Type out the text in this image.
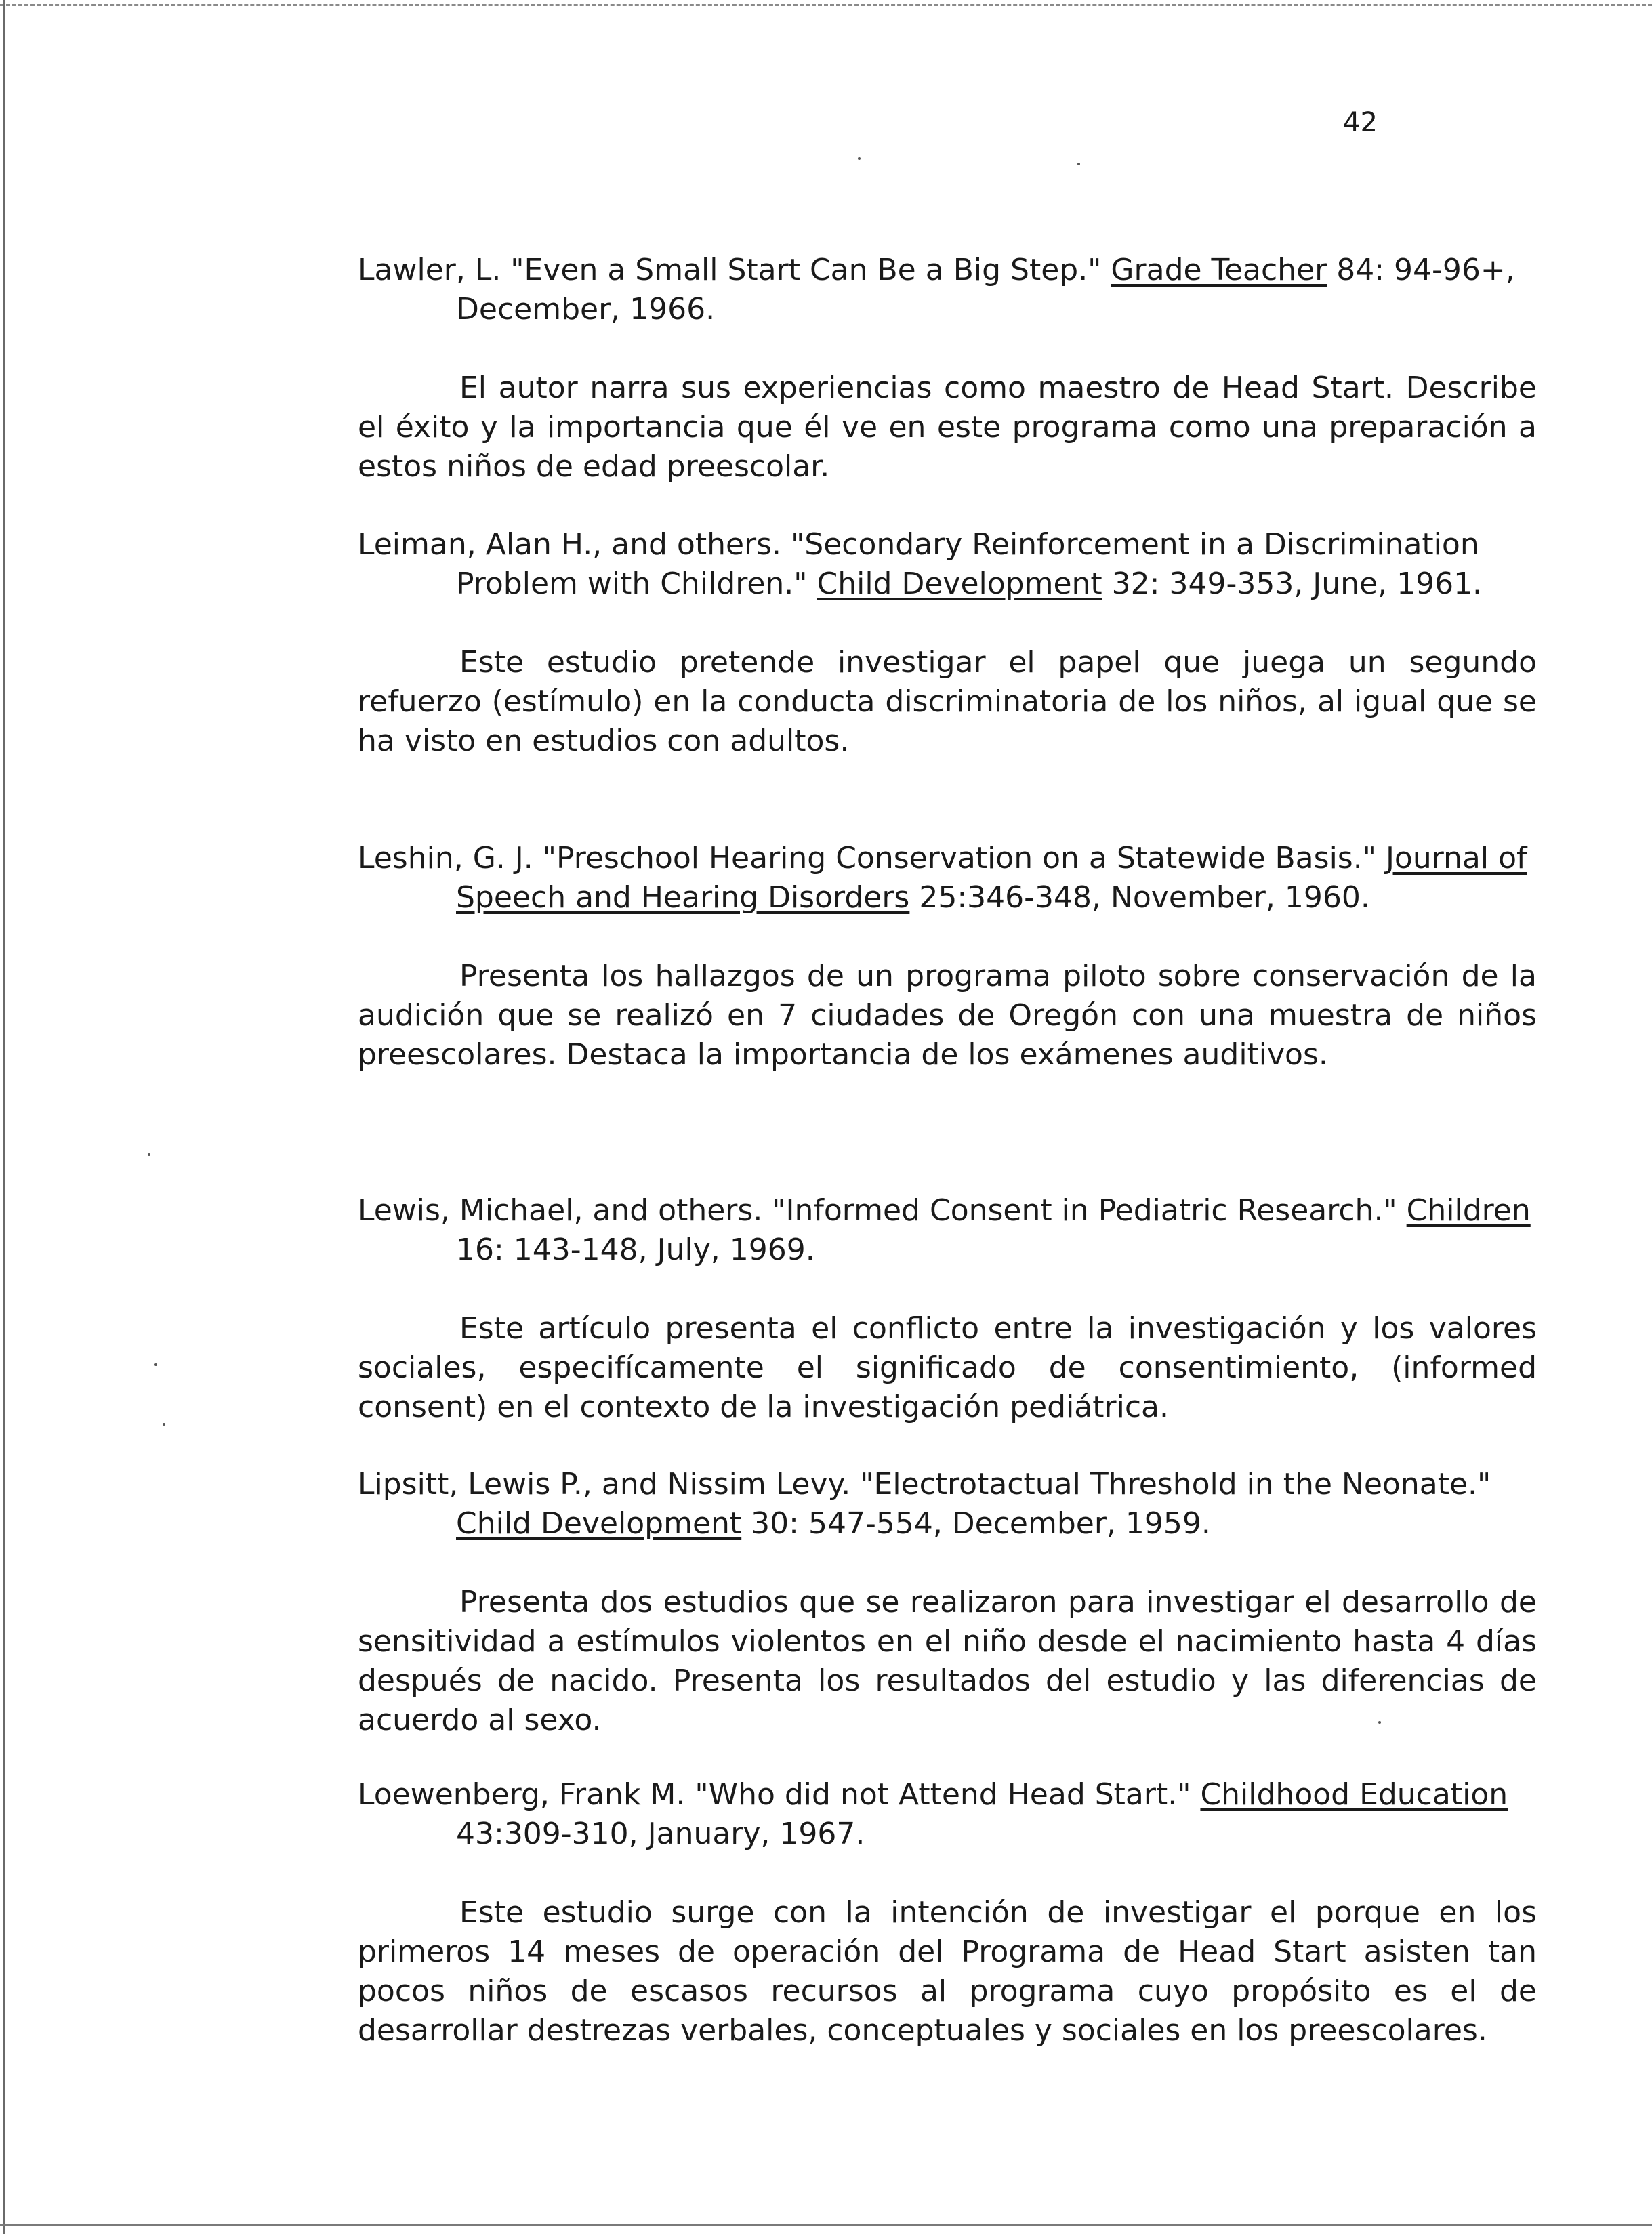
42
Lawler, L. "Even a Small Start Can Be a Big Step." Grade Teacher 84: 94-96+, December, 1966.
El autor narra sus experiencias como maestro de Head Start. Describe el éxito y la importancia que él ve en este programa como una preparación a estos niños de edad preescolar.
Leiman, Alan H., and others. "Secondary Reinforcement in a Discrimination Problem with Children." Child Development 32: 349-353, June, 1961.
Este estudio pretende investigar el papel que juega un segundo refuerzo (estímulo) en la conducta discriminatoria de los niños, al igual que se ha visto en estudios con adultos.
Leshin, G. J. "Preschool Hearing Conservation on a Statewide Basis." Journal of Speech and Hearing Disorders 25:346-348, November, 1960.
Presenta los hallazgos de un programa piloto sobre conservación de la audición que se realizó en 7 ciudades de Oregón con una muestra de niños preescolares. Destaca la importancia de los exámenes auditivos.
Lewis, Michael, and others. "Informed Consent in Pediatric Research." Children 16: 143-148, July, 1969.
Este artículo presenta el conflicto entre la investigación y los valores sociales, especifícamente el significado de consentimiento, (informed consent) en el contexto de la investigación pediátrica.
Lipsitt, Lewis P., and Nissim Levy. "Electrotactual Threshold in the Neonate." Child Development 30: 547-554, December, 1959.
Presenta dos estudios que se realizaron para investigar el desarrollo de sensitividad a estímulos violentos en el niño desde el nacimiento hasta 4 días después de nacido. Presenta los resultados del estudio y las diferencias de acuerdo al sexo.
Loewenberg, Frank M. "Who did not Attend Head Start." Childhood Education 43:309-310, January, 1967.
Este estudio surge con la intención de investigar el porque en los primeros 14 meses de operación del Programa de Head Start asisten tan pocos niños de escasos recursos al programa cuyo propósito es el de desarrollar destrezas verbales, conceptuales y sociales en los preescolares.
